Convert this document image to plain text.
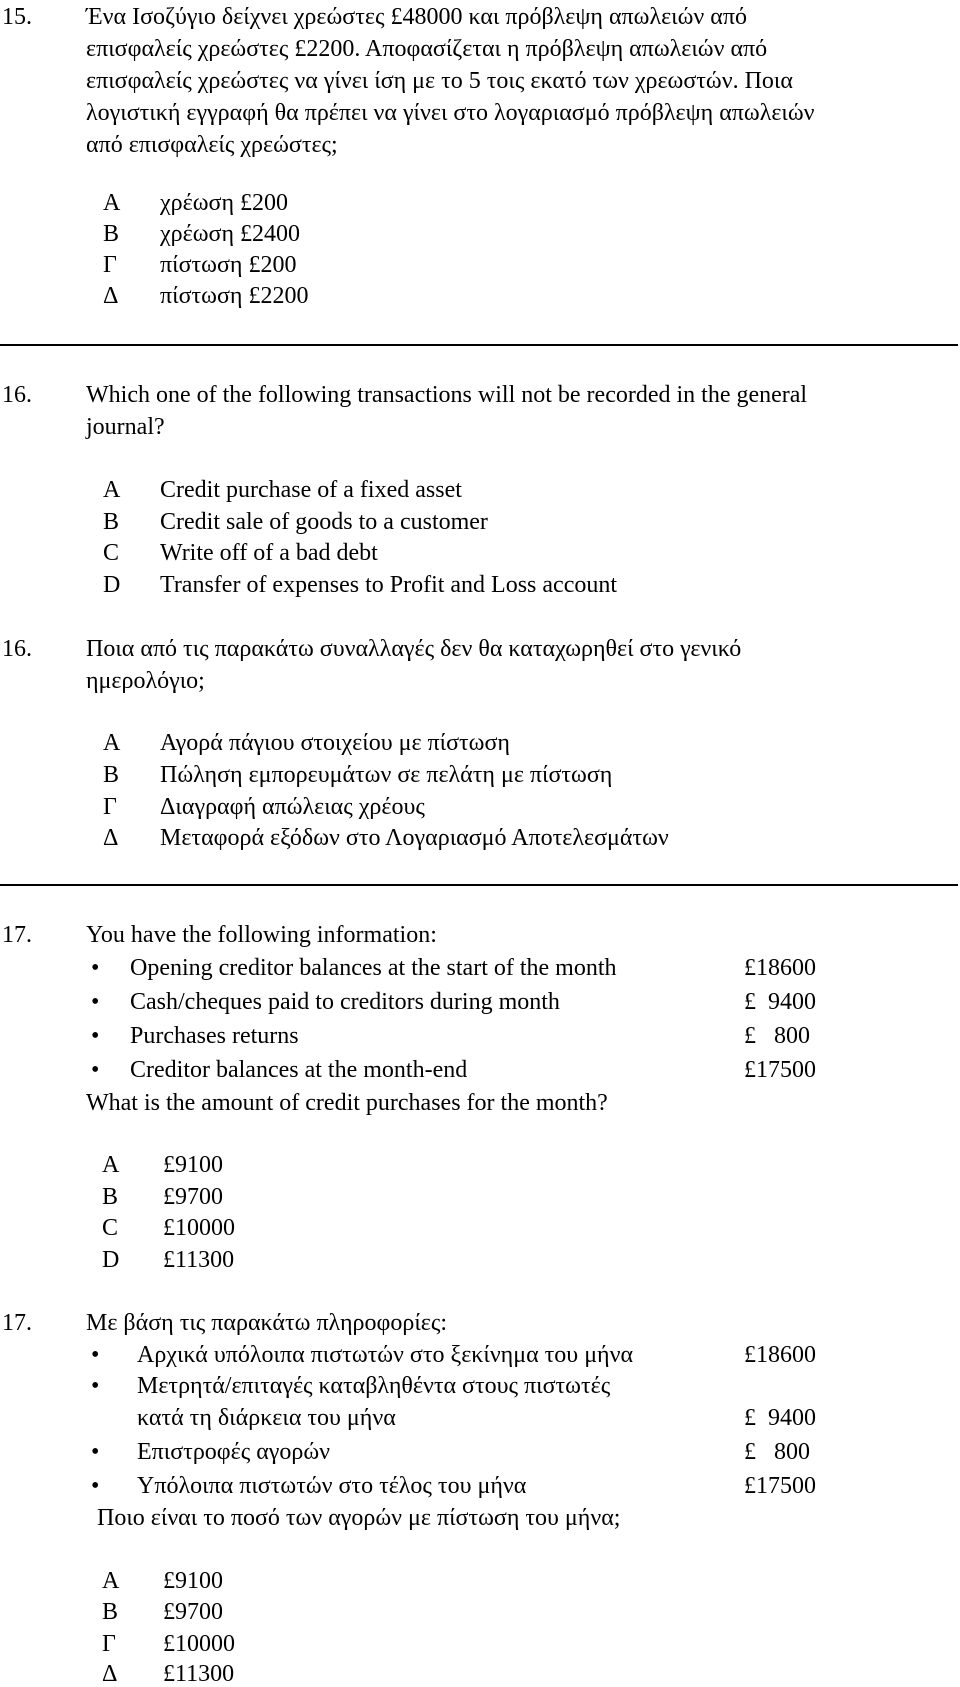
15. Ένα Ισοζύγιο δείχνει χρεώστες £48000 και πρόβλεψη απωλειών από
επισφαλείς χρεώστες £2200. Αποφασίζεται η πρόβλεψη απωλειών από
επισφαλείς χρεώστες να γίνει ίση με το 5 τοις εκατό των χρεωστών. Ποια
λογιστική εγγραφή θα πρέπει να γίνει στο λογαριασμό πρόβλεψη απωλειών
από επισφαλείς χρεώστες;
Α χρέωση £200
Β χρέωση £2400
Γ πίστωση £200
Δ πίστωση £2200
16. Which one of the following transactions will not be recorded in the general
journal?
A Credit purchase of a fixed asset
B Credit sale of goods to a customer
C Write off of a bad debt
D Transfer of expenses to Profit and Loss account
16. Ποια από τις παρακάτω συναλλαγές δεν θα καταχωρηθεί στο γενικό
ημερολόγιο;
Α Αγορά πάγιου στοιχείου με πίστωση
Β Πώληση εμπορευμάτων σε πελάτη με πίστωση
Γ Διαγραφή απώλειας χρέους
Δ Μεταφορά εξόδων στο Λογαριασμό Αποτελεσμάτων
17. You have the following information:
• Opening creditor balances at the start of the month	£18600
• Cash/cheques paid to creditors during month	£  9400
• Purchases returns	£   800
• Creditor balances at the month-end	£17500
What is the amount of credit purchases for the month?
A £9100
B £9700
C £10000
D £11300
17. Με βάση τις παρακάτω πληροφορίες:
• Αρχικά υπόλοιπα πιστωτών στο ξεκίνημα του μήνα	£18600
• Μετρητά/επιταγές καταβληθέντα στους πιστωτές
κατά τη διάρκεια του μήνα	£  9400
• Επιστροφές αγορών	£   800
• Υπόλοιπα πιστωτών στο τέλος του μήνα	£17500
Ποιο είναι το ποσό των αγορών με πίστωση του μήνα;
Α £9100
Β £9700
Γ £10000
Δ £11300
